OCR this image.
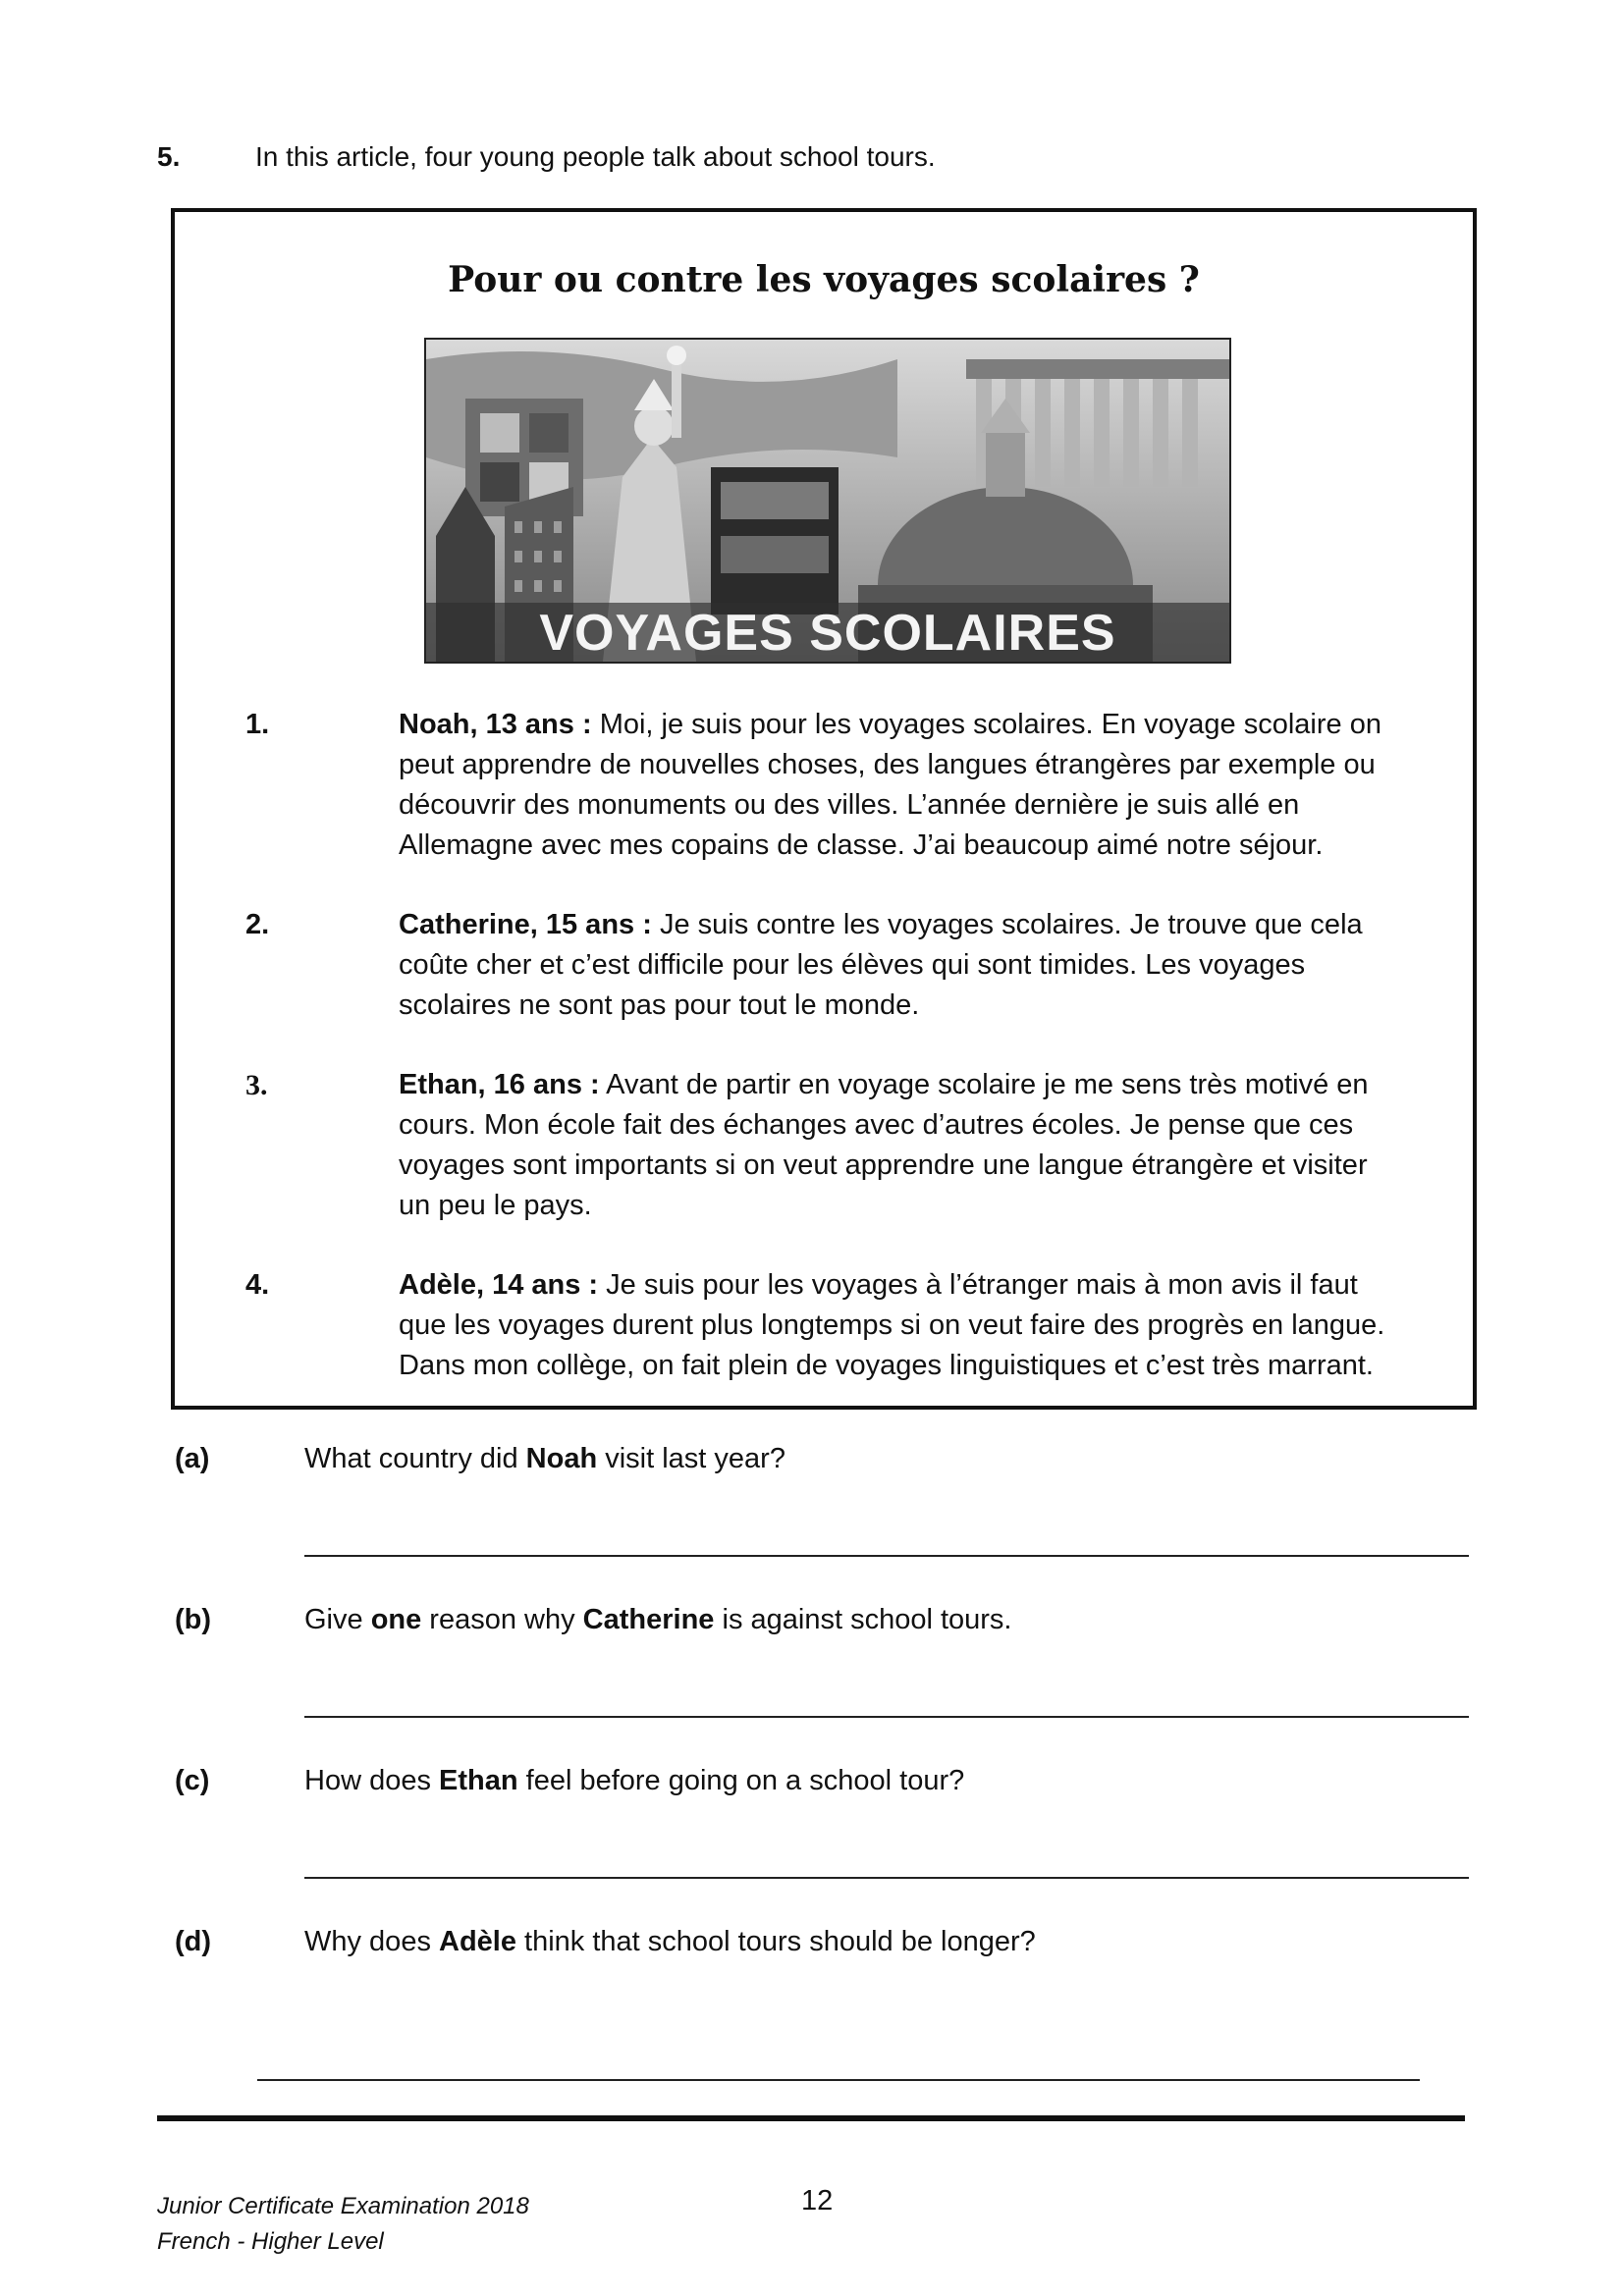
5.	In this article, four young people talk about school tours.
Pour ou contre les voyages scolaires ?
VOYAGES SCOLAIRES
1.	Noah, 13 ans : Moi, je suis pour les voyages scolaires. En voyage scolaire on peut apprendre de nouvelles choses, des langues étrangères par exemple ou découvrir des monuments ou des villes. L’année dernière je suis allé en Allemagne avec mes copains de classe. J’ai beaucoup aimé notre séjour.
2.	Catherine, 15 ans : Je suis contre les voyages scolaires. Je trouve que cela coûte cher et c’est difficile pour les élèves qui sont timides. Les voyages scolaires ne sont pas pour tout le monde.
3.	Ethan, 16 ans : Avant de partir en voyage scolaire je me sens très motivé en cours. Mon école fait des échanges avec d’autres écoles. Je pense que ces voyages sont importants si on veut apprendre une langue étrangère et visiter un peu le pays.
4.	Adèle, 14 ans : Je suis pour les voyages à l’étranger mais à mon avis il faut que les voyages durent plus longtemps si on veut faire des progrès en langue. Dans mon collège, on fait plein de voyages linguistiques et c’est très marrant.
(a)	What country did Noah visit last year?
(b)	Give one reason why Catherine is against school tours.
(c)	How does Ethan feel before going on a school tour?
(d)	Why does Adèle think that school tours should be longer?
Junior Certificate Examination 2018
French - Higher Level
12
